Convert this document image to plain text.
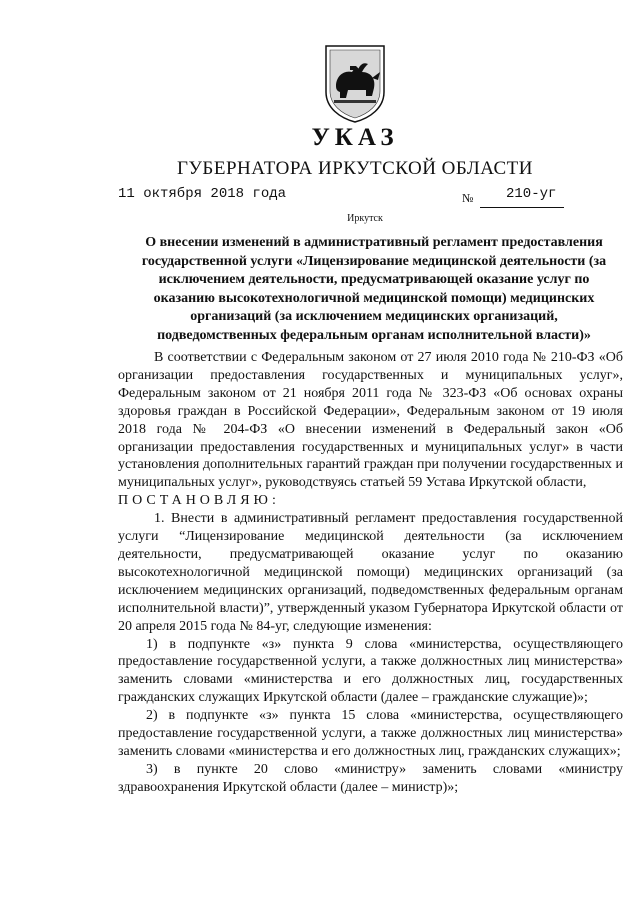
УКАЗ
ГУБЕРНАТОРА ИРКУТСКОЙ ОБЛАСТИ
11 октября 2018 года	№ 210-уг
Иркутск
О внесении изменений в административный регламент предоставления
государственной услуги «Лицензирование медицинской деятельности (за
исключением деятельности, предусматривающей оказание услуг по
оказанию высокотехнологичной медицинской помощи) медицинских
организаций (за исключением медицинских организаций,
подведомственных федеральным органам исполнительной власти)»

В соответствии с Федеральным законом от 27 июля 2010 года № 210-ФЗ «Об организации предоставления государственных и муниципальных услуг», Федеральным законом от 21 ноября 2011 года № 323-ФЗ «Об основах охраны здоровья граждан в Российской Федерации», Федеральным законом от 19 июля 2018 года № 204-ФЗ «О внесении изменений в Федеральный закон «Об организации предоставления государственных и муниципальных услуг» в части установления дополнительных гарантий граждан при получении государственных и муниципальных услуг», руководствуясь статьей 59 Устава Иркутской области,

ПОСТАНОВЛЯЮ:

1. Внести в административный регламент предоставления государственной услуги “Лицензирование медицинской деятельности (за исключением деятельности, предусматривающей оказание услуг по оказанию высокотехнологичной медицинской помощи) медицинских организаций (за исключением медицинских организаций, подведомственных федеральным органам исполнительной власти)”, утвержденный указом Губернатора Иркутской области от 20 апреля 2015 года № 84-уг, следующие изменения:

1) в подпункте «з» пункта 9 слова «министерства, осуществляющего предоставление государственной услуги, а также должностных лиц министерства» заменить словами «министерства и его должностных лиц, государственных гражданских служащих Иркутской области (далее – гражданские служащие)»;

2) в подпункте «з» пункта 15 слова «министерства, осуществляющего предоставление государственной услуги, а также должностных лиц министерства» заменить словами «министерства и его должностных лиц, гражданских служащих»;

3) в пункте 20 слово «министру» заменить словами «министру здравоохранения Иркутской области (далее – министр)»;
